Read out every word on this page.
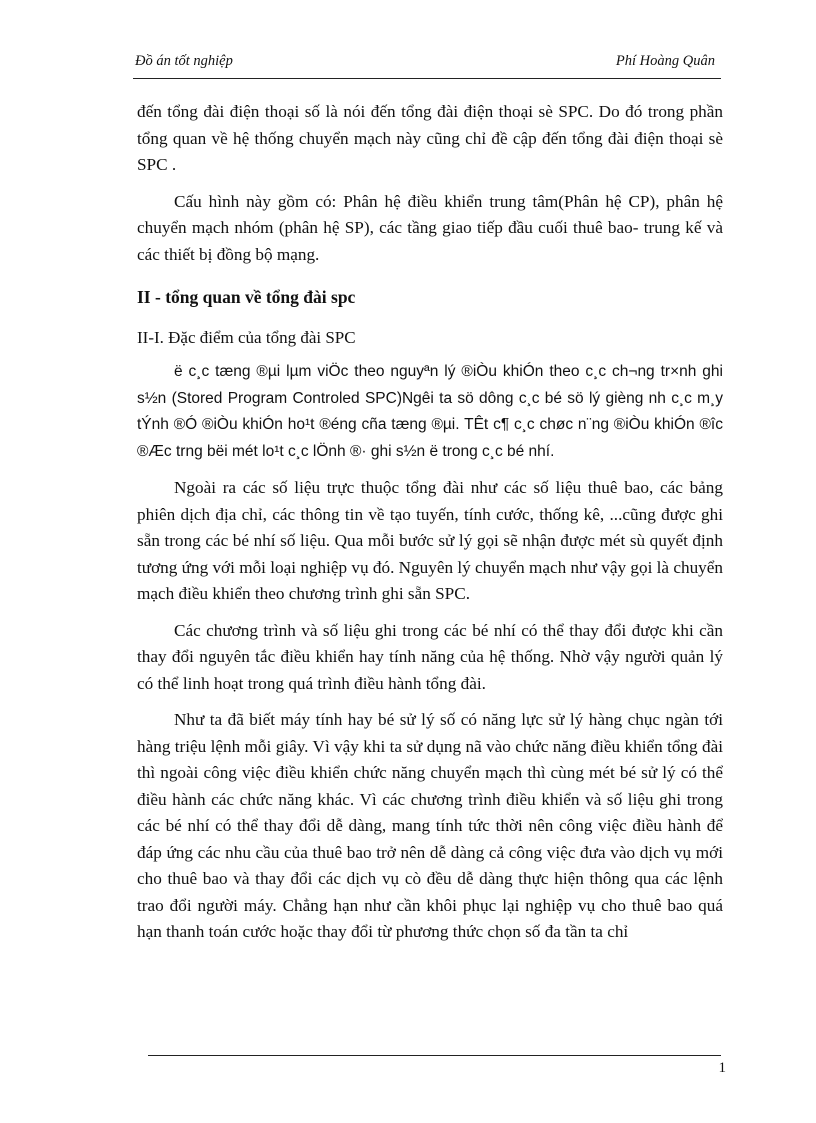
Đồ án tốt nghiệp	Phí Hoàng Quân

đến tổng đài điện thoại số là nói đến tổng đài điện thoại sè SPC. Do đó trong phần tổng quan về hệ thống chuyển mạch này cũng chỉ đề cập đến tổng đài điện thoại sè SPC .

Cấu hình này gồm có: Phân hệ điều khiển trung tâm(Phân hệ CP), phân hệ chuyển mạch nhóm (phân hệ SP), các tầng giao tiếp đầu cuối thuê bao- trung kế và các thiết bị đồng bộ mạng.

II - tổng quan về tổng đài spc

II-I. Đặc điểm của tổng đài SPC

ë c¸c tæng ®µi lµm viÖc theo nguyªn lý ®iÒu khiÓn theo c¸c ch¬ng tr×nh ghi s½n (Stored Program Controled SPC)Ngêi ta sö dông c¸c bé sö lý gièng nh c¸c m¸y tÝnh ®Ó ®iÒu khiÓn ho¹t ®éng cña tæng ®µi. TÊt c¶ c¸c chøc n¨ng ®iÒu khiÓn ®îc ®Æc trng bëi mét lo¹t c¸c lÖnh ®· ghi s½n ë trong c¸c bé nhí.

Ngoài ra các số liệu trực thuộc tổng đài như các số liệu thuê bao, các bảng phiên dịch địa chỉ, các thông tin về tạo tuyến, tính cước, thống kê, ...cũng được ghi sẵn trong các bé nhí số liệu. Qua mỗi bước sử lý gọi sẽ nhận được mét sù quyết định tương ứng với mỗi loại nghiệp vụ đó. Nguyên lý chuyển mạch như vậy gọi là chuyển mạch điều khiển theo chương trình ghi sẵn SPC.

Các chương trình và số liệu ghi trong các bé nhí có thể thay đổi được khi cần thay đổi nguyên tắc điều khiển hay tính năng của hệ thống. Nhờ vậy người quản lý có thể linh hoạt trong quá trình điều hành tổng đài.

Như ta đã biết máy tính hay bé sử lý số có năng lực sử lý hàng chục ngàn tới hàng triệu lệnh mỗi giây. Vì vậy khi ta sử dụng nã vào chức năng điều khiển tổng đài thì ngoài công việc điều khiển chức năng chuyển mạch thì cùng mét bé sử lý có thể điều hành các chức năng khác. Vì các chương trình điều khiển và số liệu ghi trong các bé nhí có thể thay đổi dễ dàng, mang tính tức thời nên công việc điều hành để đáp ứng các nhu cầu của thuê bao trở nên dễ dàng cả công việc đưa vào dịch vụ mới cho thuê bao và thay đổi các dịch vụ cò đều dễ dàng thực hiện thông qua các lệnh trao đổi người máy. Chẳng hạn như cần khôi phục lại nghiệp vụ cho thuê bao quá hạn thanh toán cước hoặc thay đổi từ phương thức chọn số đa tần ta chỉ

1
